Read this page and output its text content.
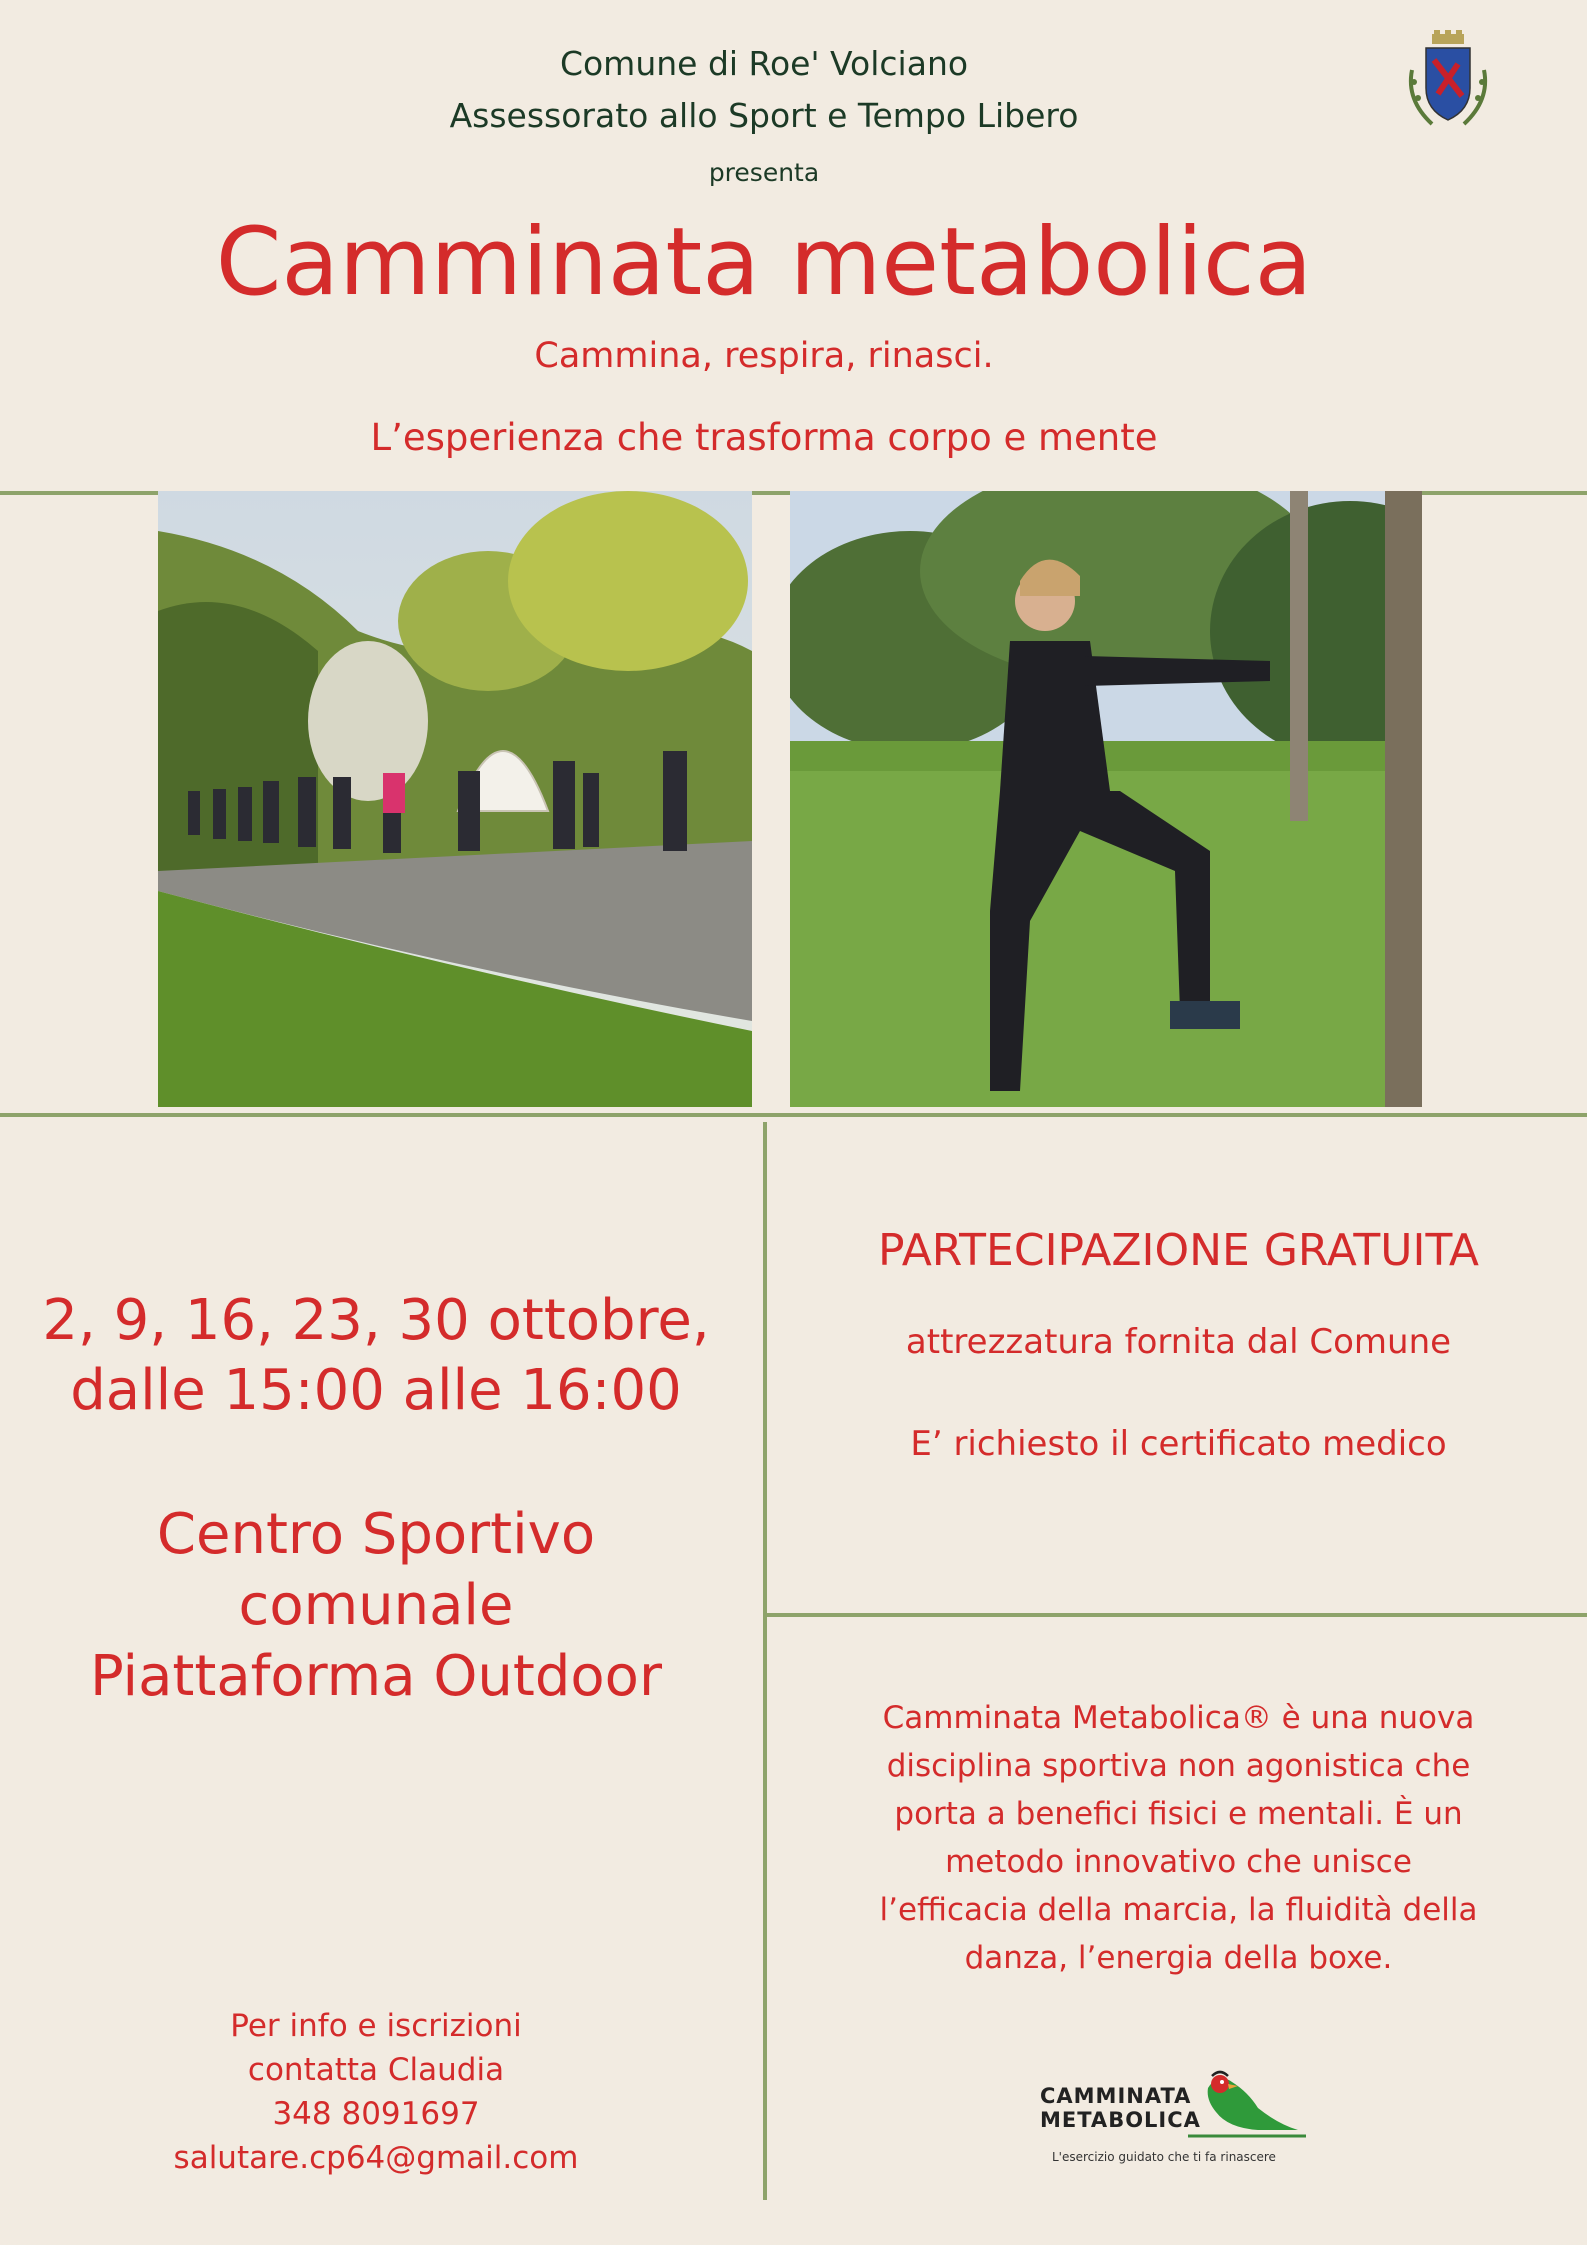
Comune di Roe' Volciano
Assessorato allo Sport e Tempo Libero
presenta
Camminata metabolica
Cammina, respira, rinasci.
L’esperienza che trasforma corpo e mente
2, 9, 16, 23, 30 ottobre,
dalle 15:00 alle 16:00
Centro Sportivo
comunale
Piattaforma Outdoor
PARTECIPAZIONE GRATUITA
attrezzatura fornita dal Comune
E’ richiesto il certificato medico
Camminata Metabolica® è una nuova
disciplina sportiva non agonistica che
porta a benefici fisici e mentali. È un
metodo innovativo che unisce
l’efficacia della marcia, la fluidità della
danza, l’energia della boxe.
Per info e iscrizioni
contatta Claudia
348 8091697
salutare.cp64@gmail.com
CAMMINATA
METABOLICA
L'esercizio guidato che ti fa rinascere
